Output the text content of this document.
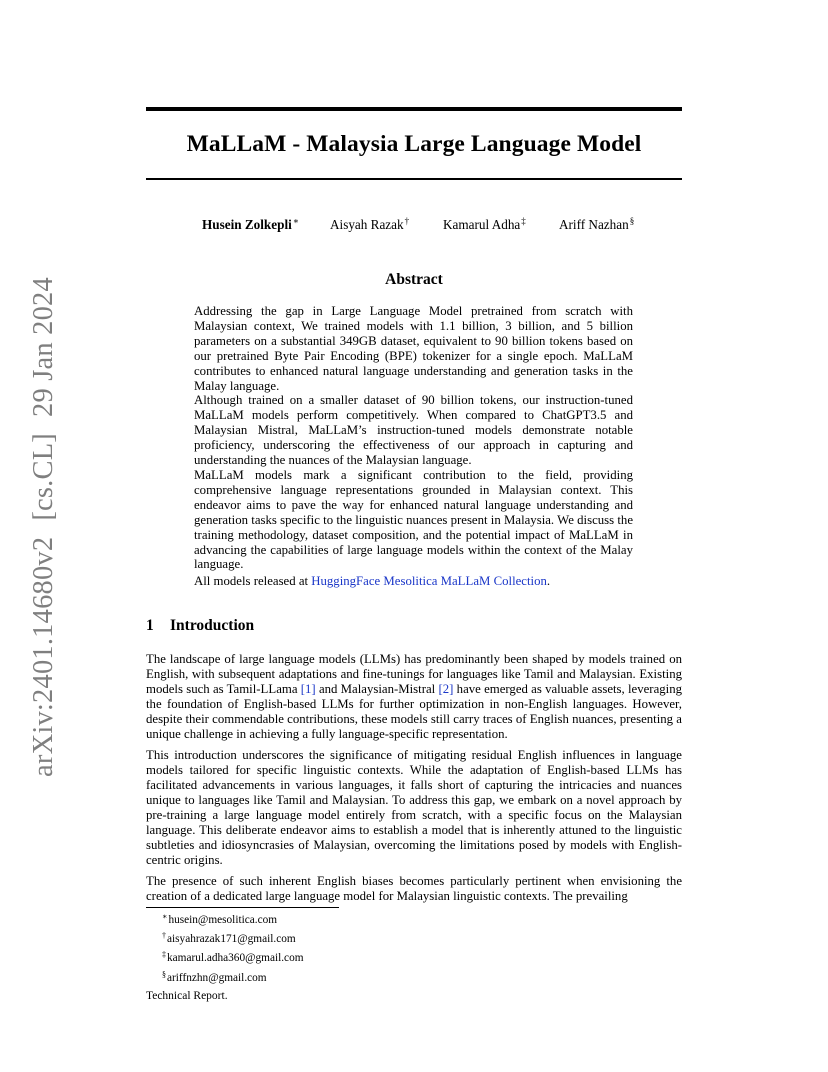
arXiv:2401.14680v2[cs.CL]29 Jan 2024
MaLLaM - Malaysia Large Language Model
Husein Zolkepli∗ Aisyah Razak†	Kamarul Adha‡	Ariff Nazhan§
Abstract

Addressing the gap in Large Language Model pretrained from scratch with Malaysian context, We trained models with 1.1 billion, 3 billion, and 5 billion parameters on a substantial 349GB dataset, equivalent to 90 billion tokens based on our pretrained Byte Pair Encoding (BPE) tokenizer for a single epoch. MaLLaM contributes to enhanced natural language understanding and generation tasks in the Malay language.

Although trained on a smaller dataset of 90 billion tokens, our instruction-tuned MaLLaM models perform competitively. When compared to ChatGPT3.5 and Malaysian Mistral, MaLLaM’s instruction-tuned models demonstrate notable proficiency, underscoring the effectiveness of our approach in capturing and understanding the nuances of the Malaysian language.

MaLLaM models mark a significant contribution to the field, providing comprehensive language representations grounded in Malaysian context. This endeavor aims to pave the way for enhanced natural language understanding and generation tasks specific to the linguistic nuances present in Malaysia. We discuss the training methodology, dataset composition, and the potential impact of MaLLaM in advancing the capabilities of large language models within the context of the Malay language.

All models released at HuggingFace Mesolitica MaLLaM Collection.

1 Introduction

The landscape of large language models (LLMs) has predominantly been shaped by models trained on English, with subsequent adaptations and fine-tunings for languages like Tamil and Malaysian. Existing models such as Tamil-LLama [1] and Malaysian-Mistral [2] have emerged as valuable assets, leveraging the foundation of English-based LLMs for further optimization in non-English languages. However, despite their commendable contributions, these models still carry traces of English nuances, presenting a unique challenge in achieving a fully language-specific representation.

This introduction underscores the significance of mitigating residual English influences in language models tailored for specific linguistic contexts. While the adaptation of English-based LLMs has facilitated advancements in various languages, it falls short of capturing the intricacies and nuances unique to languages like Tamil and Malaysian. To address this gap, we embark on a novel approach by pre-training a large language model entirely from scratch, with a specific focus on the Malaysian language. This deliberate endeavor aims to establish a model that is inherently attuned to the linguistic subtleties and idiosyncrasies of Malaysian, overcoming the limitations posed by models with English-centric origins.

The presence of such inherent English biases becomes particularly pertinent when envisioning the creation of a dedicated large language model for Malaysian linguistic contexts. The prevailing

∗husein@mesolitica.com
†aisyahrazak171@gmail.com
‡kamarul.adha360@gmail.com
§ariffnzhn@gmail.com
Technical Report.
